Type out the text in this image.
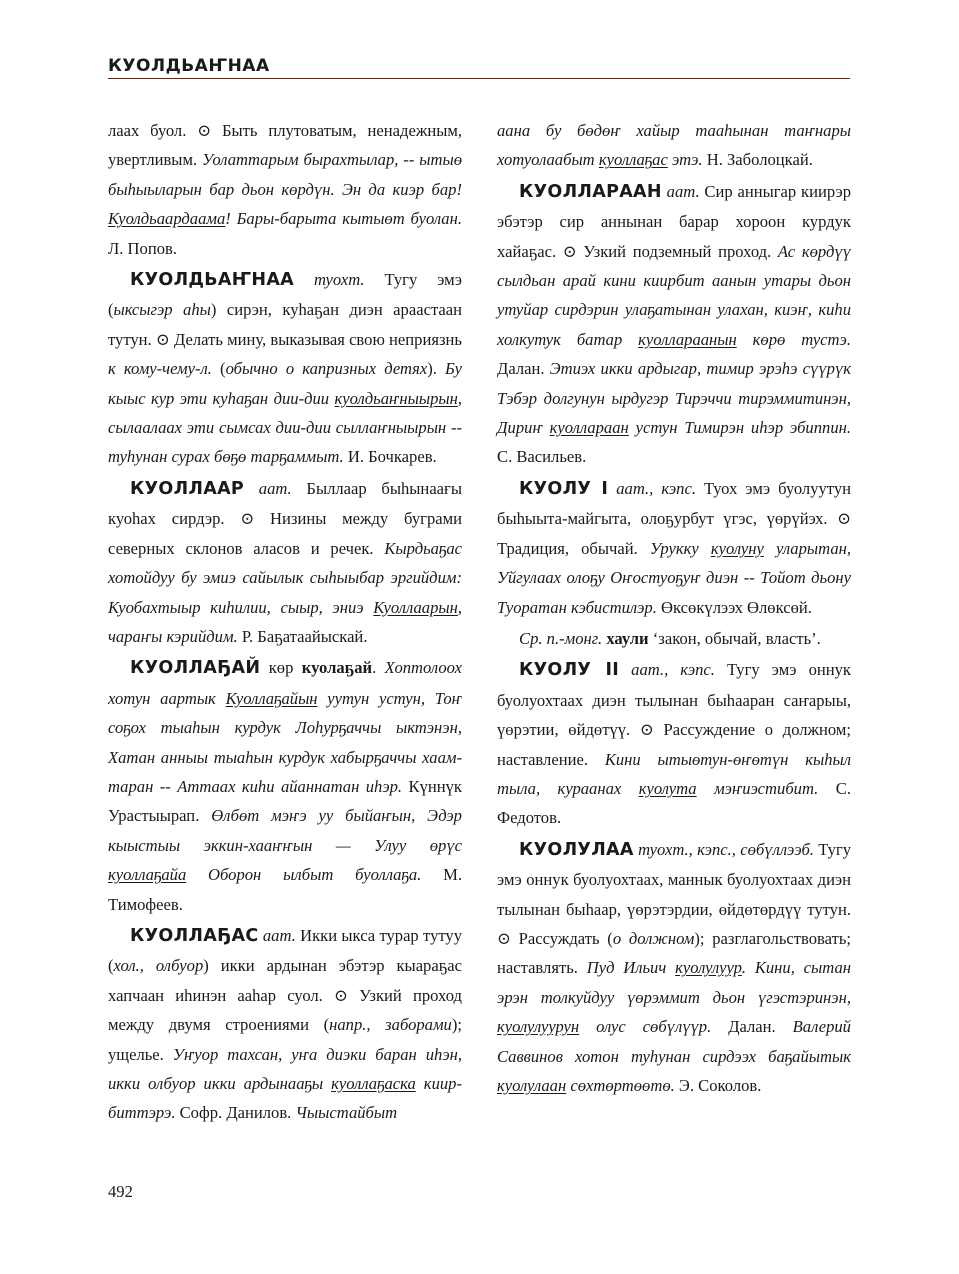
КУОЛДЬАҤНАА

лаах буол. ⊙ Быть плутоватым, ненадежным, увертливым. Уолаттарым бырахтылар, -- ытыө быһыыларын бар дьон көрдүн. Эн да киэр бар! Куолдьаардаама! Бары-барыта кытыөт буолан. Л. Попов.

КУОЛДЬАҤНАА туохт. Тугу эмэ (ыксыгэр аһы) сирэн, куһаҕан диэн араастаан тутун. ⊙ Делать мину, выказывая свою неприязнь к кому-чему-л. (обычно о капризных детях). Бу кыыс кур эти куһаҕан дии-дии куолдьаҥныырын, сылаалаах эти сымсах дии-дии сыллаҥныырын -- туһунан сурах бөҕө тарҕаммыт. И. Бочкарев.

КУОЛЛААР аат. Быллаар быһынаағы куоһах сирдэр. ⊙ Низины между буграми северных склонов аласов и речек. Кырдьаҕас хотойдуу бу эмиэ сайылык сыһыыбар эргийдим: Куобахтыыр киһилии, сыыр, эниэ Куоллаарын, чараҥы кэрийдим. Р. Баҕатаайыскай.

КУОЛЛАҔАЙ көр куолаҕай. Хоптолоох хотун аартык Куоллаҕайын уутун устун, Тоҥ соҕох тыаһын курдук Лоһурҕаччы ыктэнэн, Хатан анныы тыаһын курдук хабырҕаччы хаамтаран -- Аттаах киһи айаннатан иһэр. Күннүк Урастыырап. Өлбөт мэҥэ уу быйаҥын, Эдэр кыыстыы эккин-хааҥҥын — Улуу өрүс куоллаҕайа Оборон ылбыт буоллаҕа. М. Тимофеев.

КУОЛЛАҔАС аат. Икки ыкса турар тутуу (хол., олбуор) икки ардынан эбэтэр кыараҕас хапчаан иһинэн ааһар суол. ⊙ Узкий проход между двумя строениями (напр., заборами); ущелье. Уҥуор тахсан, уҥа диэки баран иһэн, икки олбуор икки ардынааҕы куоллаҕаска киирбиттэрэ. Софр. Данилов. Чыыстайбыт

аана бу бөдөҥ хайыр тааһынан таҥнары хотуолаабыт куоллаҕас этэ. Н. Заболоцкай.

КУОЛЛАРААН аат. Сир анныгар киирэр эбэтэр сир аннынан барар хороон курдук хайаҕас. ⊙ Узкий подземный проход. Ас көрдүү сылдьан арай кини киирбит аанын утары дьон утуйар сирдэрин улаҕатынан улахан, киэҥ, киһи холкутук батар куоллараанын көрө тустэ. Далан. Этиэх икки ардыгар, тимир эрэһэ сүүрүк Тэбэр долгунун ырдугэр Тирэччи тирэммитинэн, Дириҥ куоллараан устун Тимирэн иһэр эбиппин. С. Васильев.

КУОЛУ I аат., кэпс. Туох эмэ буолуутун быһыыта-майгыта, олоҕурбут үгэс, үөрүйэх. ⊙ Традиция, обычай. Урукку куолуну уларытан, Уйгулаах олоҕу Оҥостуоҕуҥ диэн -- Тойот дьону Туоратан кэбистилэр. Өксөкүлээх Өлөксөй.

Ср. п.-монг. хаули ‘закон, обычай, власть’.

КУОЛУ II аат., кэпс. Тугу эмэ оннук буолуохтаах диэн тылынан быһааран саҥарыы, үөрэтии, өйдөтүү. ⊙ Рассуждение о должном; наставление. Кини ытыөтун-өҥөтүн кыһыл тыла, кураанах куолута мэҥиэстибит. С. Федотов.

КУОЛУЛАА туохт., кэпс., сөбүллээб. Тугу эмэ оннук буолуохтаах, маннык буолуохтаах диэн тылынан быһаар, үөрэтэрдии, өйдөтөрдүү тутун. ⊙ Рассуждать (о должном); разглагольствовать; наставлять. Пуд Ильич куолулуур. Кини, сытан эрэн толкуйдуу үөрэммит дьон үгэстэринэн, куолулуурун олус сөбүлүүр. Далан. Валерий Саввинов хотон туһунан сирдээх баҕайытык куолулаан сөхтөртөөтө. Э. Соколов.

492
